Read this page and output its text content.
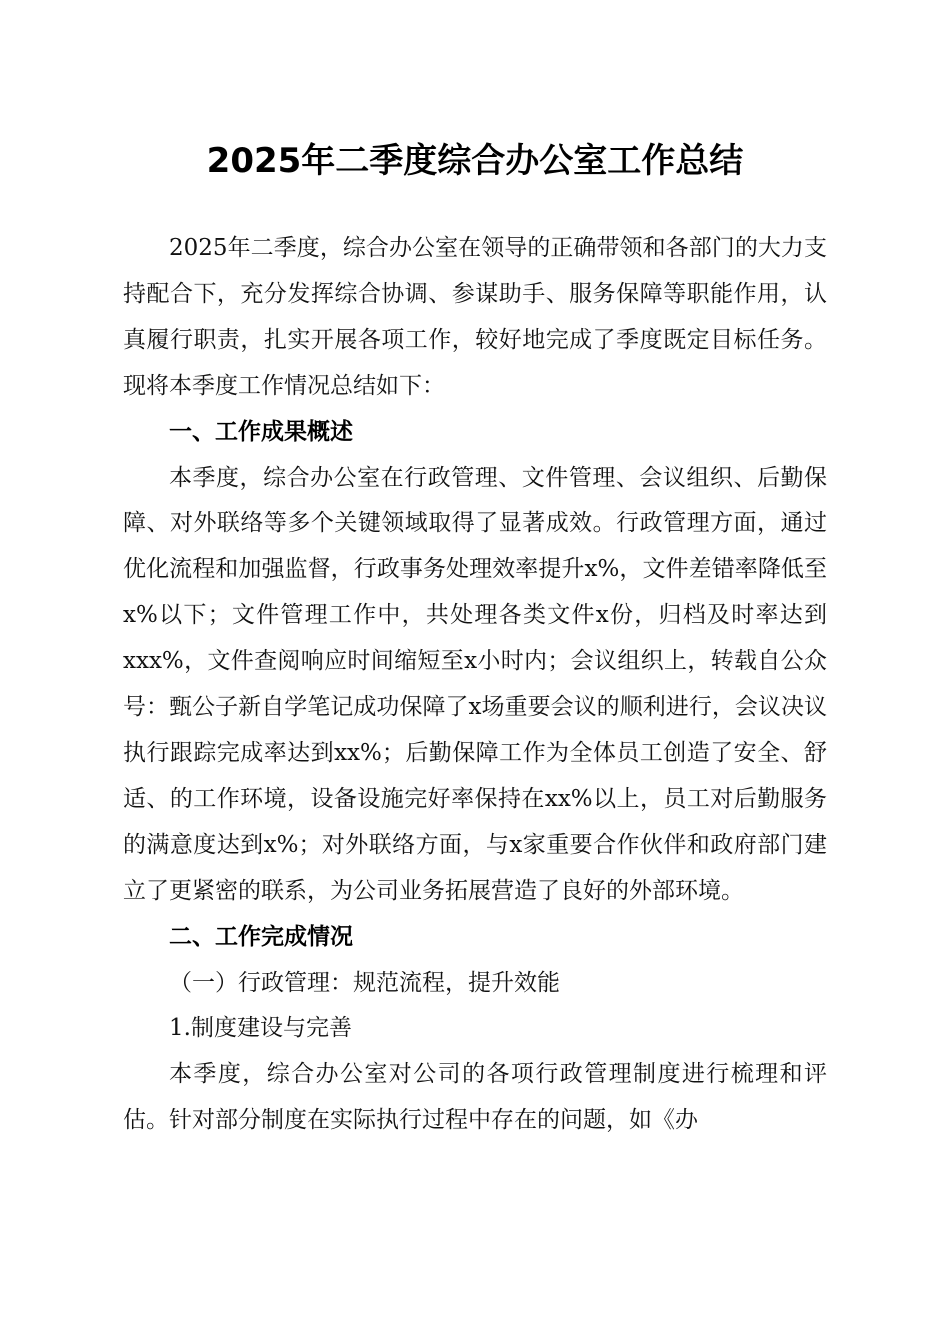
2025年二季度综合办公室工作总结

2025年二季度，综合办公室在领导的正确带领和各部门的大力支持配合下，充分发挥综合协调、参谋助手、服务保障等职能作用，认真履行职责，扎实开展各项工作，较好地完成了季度既定目标任务。现将本季度工作情况总结如下：

一、工作成果概述

本季度，综合办公室在行政管理、文件管理、会议组织、后勤保障、对外联络等多个关键领域取得了显著成效。行政管理方面，通过优化流程和加强监督，行政事务处理效率提升x%，文件差错率降低至x%以下；文件管理工作中，共处理各类文件x份，归档及时率达到xxx%，文件查阅响应时间缩短至x小时内；会议组织上，转载自公众号：甄公子新自学笔记成功保障了x场重要会议的顺利进行，会议决议执行跟踪完成率达到xx%；后勤保障工作为全体员工创造了安全、舒适、的工作环境，设备设施完好率保持在xx%以上，员工对后勤服务的满意度达到x%；对外联络方面，与x家重要合作伙伴和政府部门建立了更紧密的联系，为公司业务拓展营造了良好的外部环境。

二、工作完成情况

（一）行政管理：规范流程，提升效能

1.制度建设与完善

本季度，综合办公室对公司的各项行政管理制度进行梳理和评估。针对部分制度在实际执行过程中存在的问题，如《办
